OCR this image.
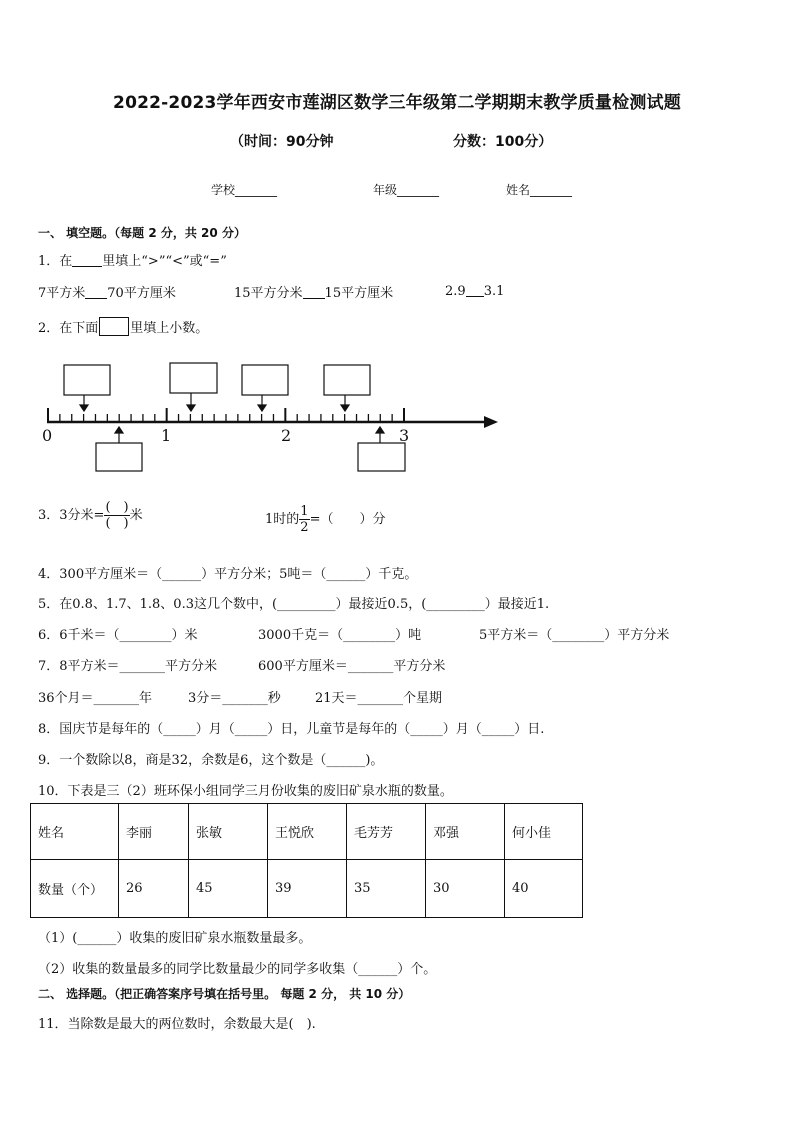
2022-2023学年西安市莲湖区数学三年级第二学期期末教学质量检测试题
（时间：90分钟	分数：100分）
学校_______	年级_______	姓名_______
一、 填空题。（每题 2 分，共 20 分）
1．在 里填上“>”“<”或“=”
7平方米 70平方厘米	15平方分米 15平方厘米	2.9 3.1
2．在下面 里填上小数。
0	1	2	3
3．3分米= $\frac{( )}{( )}$ 米	1时的 $\frac{1}{2}$ =（　　）分
4．300平方厘米＝（______）平方分米；5吨＝（______）千克。
5．在0.8、1.7、1.8、0.3这几个数中，(_________）最接近0.5，(_________）最接近1.
6．6千米＝（________）米	3000千克＝（________）吨	5平方米＝（________）平方分米
7．8平方米＝_______平方分米	600平方厘米＝_______平方分米
36个月＝_______年	3分＝_______秒	21天＝_______个星期
8．国庆节是每年的（_____）月（_____）日，儿童节是每年的（_____）月（_____）日.
9．一个数除以8，商是32，余数是6，这个数是（______)。
10．下表是三（2）班环保小组同学三月份收集的废旧矿泉水瓶的数量。
姓名	李丽	张敏	王悦欣	毛芳芳	邓强	何小佳
数量（个）	26	45	39	35	30	40
（1）(______）收集的废旧矿泉水瓶数量最多。
（2）收集的数量最多的同学比数量最少的同学多收集（______）个。
二、 选择题。（把正确答案序号填在括号里。 每题 2 分， 共 10 分）
11．当除数是最大的两位数时，余数最大是(　).
